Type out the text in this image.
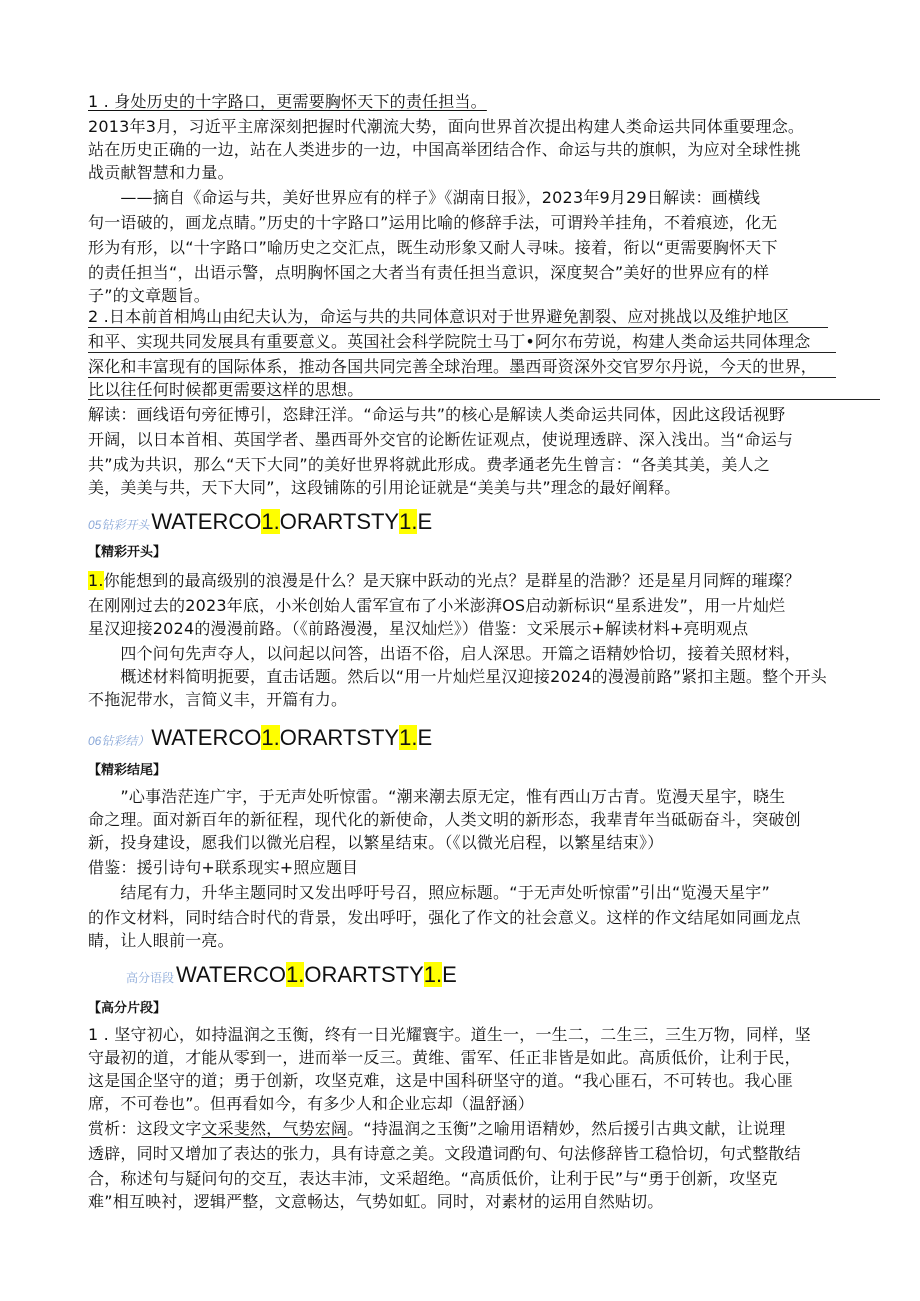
1 . 身处历史的十字路口，更需要胸怀天下的责任担当。
2013年3月，习近平主席深刻把握时代潮流大势，面向世界首次提出构建人类命运共同体重要理念。
站在历史正确的一边，站在人类进步的一边，中国高举团结合作、命运与共的旗帜，为应对全球性挑
战贡献智慧和力量。
　　——摘自《命运与共，美好世界应有的样子》《湖南日报》，2023年9月29日解读：画横线
句一语破的，画龙点睛。”历史的十字路口”运用比喻的修辞手法，可谓羚羊挂角，不着痕迹，化无
形为有形，以“十字路口”喻历史之交汇点，既生动形象又耐人寻味。接着，衔以“更需要胸怀天下
的责任担当“，出语示警，点明胸怀国之大者当有责任担当意识，深度契合”美好的世界应有的样
子”的文章题旨。
2 .日本前首相鸠山由纪夫认为，命运与共的共同体意识对于世界避免割裂、应对挑战以及维护地区
和平、实现共同发展具有重要意义。英国社会科学院院士马丁•阿尔布劳说，构建人类命运共同体理念
深化和丰富现有的国际体系，推动各国共同完善全球治理。墨西哥资深外交官罗尔丹说，今天的世界，
比以往任何时候都更需要这样的思想。
解读：画线语句旁征博引，恣肆汪洋。“命运与共”的核心是解读人类命运共同体，因此这段话视野
开阔，以日本首相、英国学者、墨西哥外交官的论断佐证观点，使说理透辟、深入浅出。当“命运与
共”成为共识，那么“天下大同”的美好世界将就此形成。费孝通老先生曾言：“各美其美，美人之
美，美美与共，天下大同”，这段铺陈的引用论证就是“美美与共”理念的最好阐释。
05钻彩开头WATERCO1.ORARTSTY1.E
【精彩开头】
1.你能想到的最高级别的浪漫是什么？是天寐中跃动的光点？是群星的浩渺？还是星月同辉的璀璨？
在刚刚过去的2023年底，小米创始人雷军宣布了小米澎湃OS启动新标识“星系进发”，用一片灿烂
星汉迎接2024的漫漫前路。（《前路漫漫，星汉灿烂》）借鉴：文采展示+解读材料+亮明观点
　　四个问句先声夺人，以问起以问答，出语不俗，启人深思。开篇之语精妙恰切，接着关照材料，
　　概述材料简明扼要，直击话题。然后以“用一片灿烂星汉迎接2024的漫漫前路”紧扣主题。整个开头
不拖泥带水，言简义丰，开篇有力。
06钻彩结）WATERCO1.ORARTSTY1.E
【精彩结尾】
　　”心事浩茫连广宇，于无声处听惊雷。“潮来潮去原无定，惟有西山万古青。览漫天星宇，晓生
命之理。面对新百年的新征程，现代化的新使命，人类文明的新形态，我辈青年当砥砺奋斗，突破创
新，投身建设，愿我们以微光启程，以繁星结束。（《以微光启程，以繁星结束》）
借鉴：援引诗句+联系现实+照应题目
　　结尾有力，升华主题同时又发出呼吁号召，照应标题。“于无声处听惊雷”引出“览漫天星宇”
的作文材料，同时结合时代的背景，发出呼吁，强化了作文的社会意义。这样的作文结尾如同画龙点
睛，让人眼前一亮。
高分语段WATERCO1.ORARTSTY1.E
【高分片段】
1 . 坚守初心，如持温润之玉衡，终有一日光耀寰宇。道生一，一生二，二生三，三生万物，同样，坚
守最初的道，才能从零到一，进而举一反三。黄维、雷军、任正非皆是如此。高质低价，让利于民，
这是国企坚守的道；勇于创新，攻坚克难，这是中国科研坚守的道。“我心匪石，不可转也。我心匪
席，不可卷也”。但再看如今，有多少人和企业忘却（温舒涵）
赏析：这段文字文采斐然，气势宏阔。“持温润之玉衡”之喻用语精妙，然后援引古典文献，让说理
透辟，同时又增加了表达的张力，具有诗意之美。文段遣词酌句、句法修辞皆工稳恰切，句式整散结
合，称述句与疑问句的交互，表达丰沛，文采超绝。“高质低价，让利于民”与“勇于创新，攻坚克
难”相互映衬，逻辑严整，文意畅达，气势如虹。同时，对素材的运用自然贴切。
